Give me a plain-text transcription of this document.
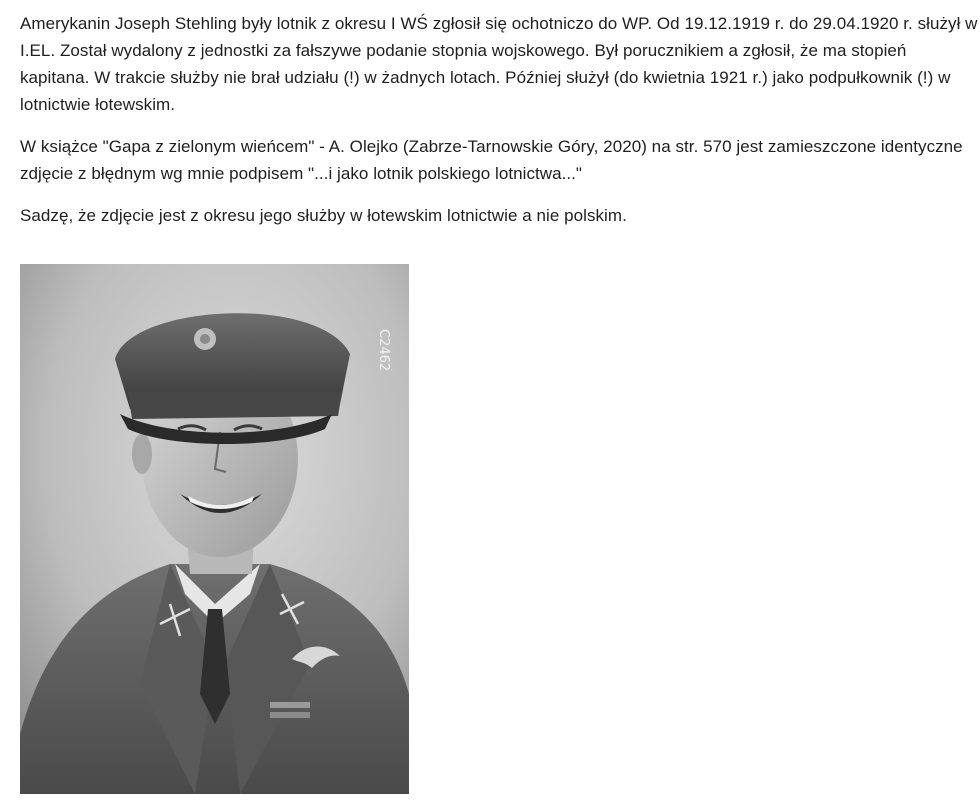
Amerykanin Joseph Stehling były lotnik z okresu I WŚ zgłosił się ochotniczo do WP. Od 19.12.1919 r. do 29.04.1920 r. służył w I.EL. Został wydalony z jednostki za fałszywe podanie stopnia wojskowego. Był porucznikiem a zgłosił, że ma stopień kapitana. W trakcie służby nie brał udziału (!) w żadnych lotach. Później służył (do kwietnia 1921 r.) jako podpułkownik (!) w lotnictwie łotewskim.

W książce "Gapa z zielonym wieńcem" - A. Olejko (Zabrze-Tarnowskie Góry, 2020) na str. 570 jest zamieszczone identyczne zdjęcie z błędnym wg mnie podpisem "...i jako lotnik polskiego lotnictwa..."

Sadzę, że zdjęcie jest z okresu jego służby w łotewskim lotnictwie a nie polskim.

C2462
